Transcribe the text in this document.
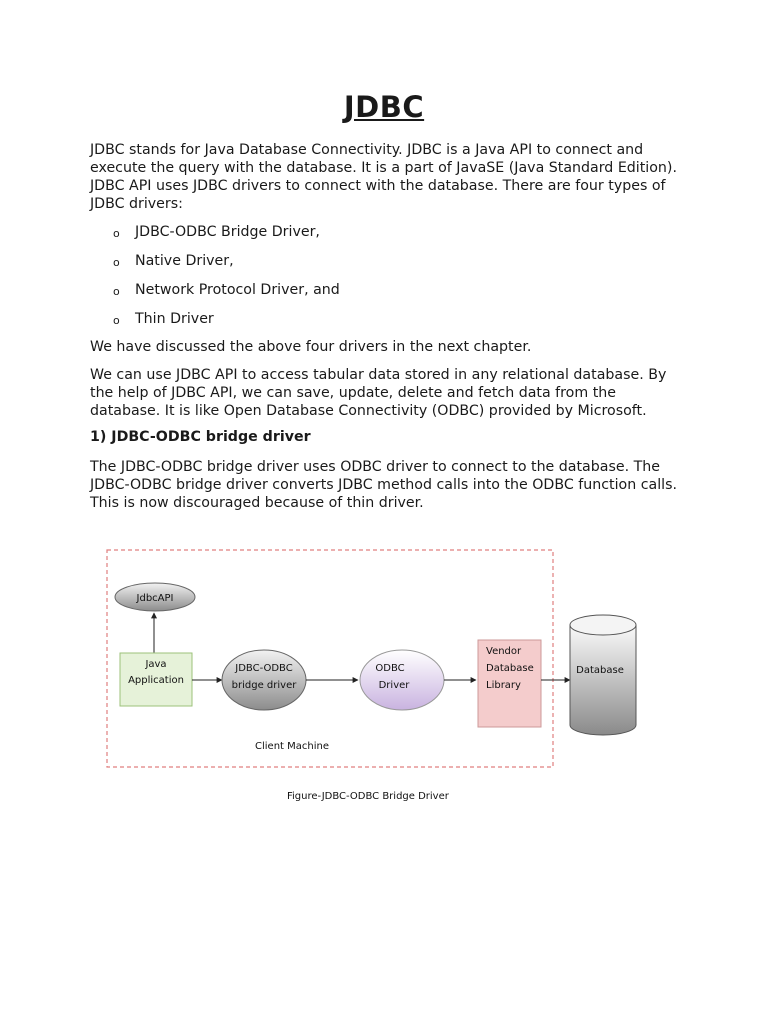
JDBC

JDBC stands for Java Database Connectivity. JDBC is a Java API to connect and execute the query with the database. It is a part of JavaSE (Java Standard Edition). JDBC API uses JDBC drivers to connect with the database. There are four types of JDBC drivers:

o JDBC-ODBC Bridge Driver,
o Native Driver,
o Network Protocol Driver, and
o Thin Driver

We have discussed the above four drivers in the next chapter.

We can use JDBC API to access tabular data stored in any relational database. By the help of JDBC API, we can save, update, delete and fetch data from the database. It is like Open Database Connectivity (ODBC) provided by Microsoft.

1) JDBC-ODBC bridge driver

The JDBC-ODBC bridge driver uses ODBC driver to connect to the database. The JDBC-ODBC bridge driver converts JDBC method calls into the ODBC function calls. This is now discouraged because of thin driver.

JdbcAPI
Java
Application
JDBC-ODBC
bridge driver
ODBC
Driver
Vendor
Database
Library
Database
Client Machine
Figure-JDBC-ODBC Bridge Driver
